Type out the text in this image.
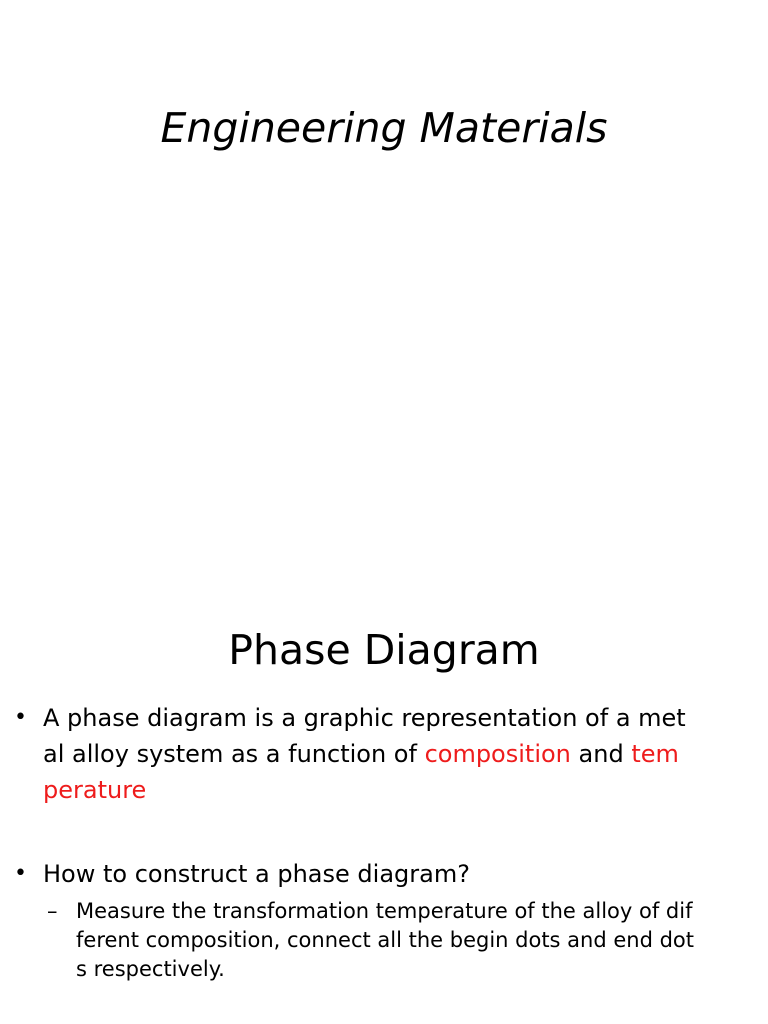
Engineering Materials
Phase Diagram
• A phase diagram is a graphic representation of a met
al alloy system as a function of composition and tem
perature
• How to construct a phase diagram?
– Measure the transformation temperature of the alloy of dif
ferent composition, connect all the begin dots and end dot
s respectively.
